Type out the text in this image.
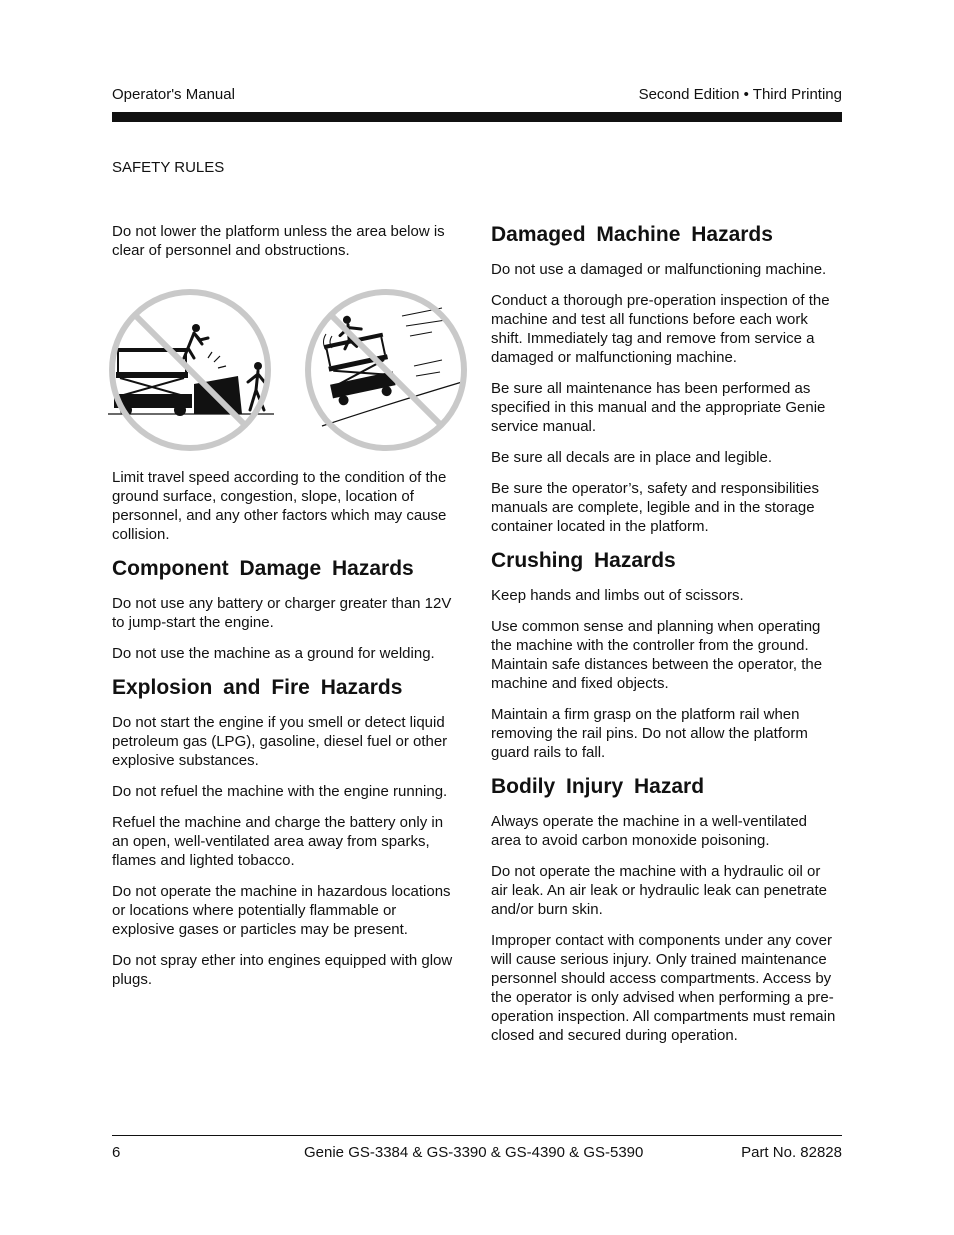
Operator's Manual	Second Edition • Third Printing
SAFETY RULES

Do not lower the platform unless the area below is clear of personnel and obstructions.

Limit travel speed according to the condition of the ground surface, congestion, slope, location of personnel, and any other factors which may cause collision.

Component Damage Hazards

Do not use any battery or charger greater than 12V to jump-start the engine.

Do not use the machine as a ground for welding.

Explosion and Fire Hazards

Do not start the engine if you smell or detect liquid petroleum gas (LPG), gasoline, diesel fuel or other explosive substances.

Do not refuel the machine with the engine running.

Refuel the machine and charge the battery only in an open, well-ventilated area away from sparks, flames and lighted tobacco.

Do not operate the machine in hazardous locations or locations where potentially flammable or explosive gases or particles may be present.

Do not spray ether into engines equipped with glow plugs.

Damaged Machine Hazards

Do not use a damaged or malfunctioning machine.

Conduct a thorough pre-operation inspection of the machine and test all functions before each work shift. Immediately tag and remove from service a damaged or malfunctioning machine.

Be sure all maintenance has been performed as specified in this manual and the appropriate Genie service manual.

Be sure all decals are in place and legible.

Be sure the operator’s, safety and responsibilities manuals are complete, legible and in the storage container located in the platform.

Crushing Hazards

Keep hands and limbs out of scissors.

Use common sense and planning when operating the machine with the controller from the ground. Maintain safe distances between the operator, the machine and fixed objects.

Maintain a firm grasp on the platform rail when removing the rail pins. Do not allow the platform guard rails to fall.

Bodily Injury Hazard

Always operate the machine in a well-ventilated area to avoid carbon monoxide poisoning.

Do not operate the machine with a hydraulic oil or air leak. An air leak or hydraulic leak can penetrate and/or burn skin.

Improper contact with components under any cover will cause serious injury. Only trained maintenance personnel should access compartments. Access by the operator is only advised when performing a pre-operation inspection. All compartments must remain closed and secured during operation.

6	Genie GS-3384 & GS-3390 & GS-4390 & GS-5390	Part No. 82828
